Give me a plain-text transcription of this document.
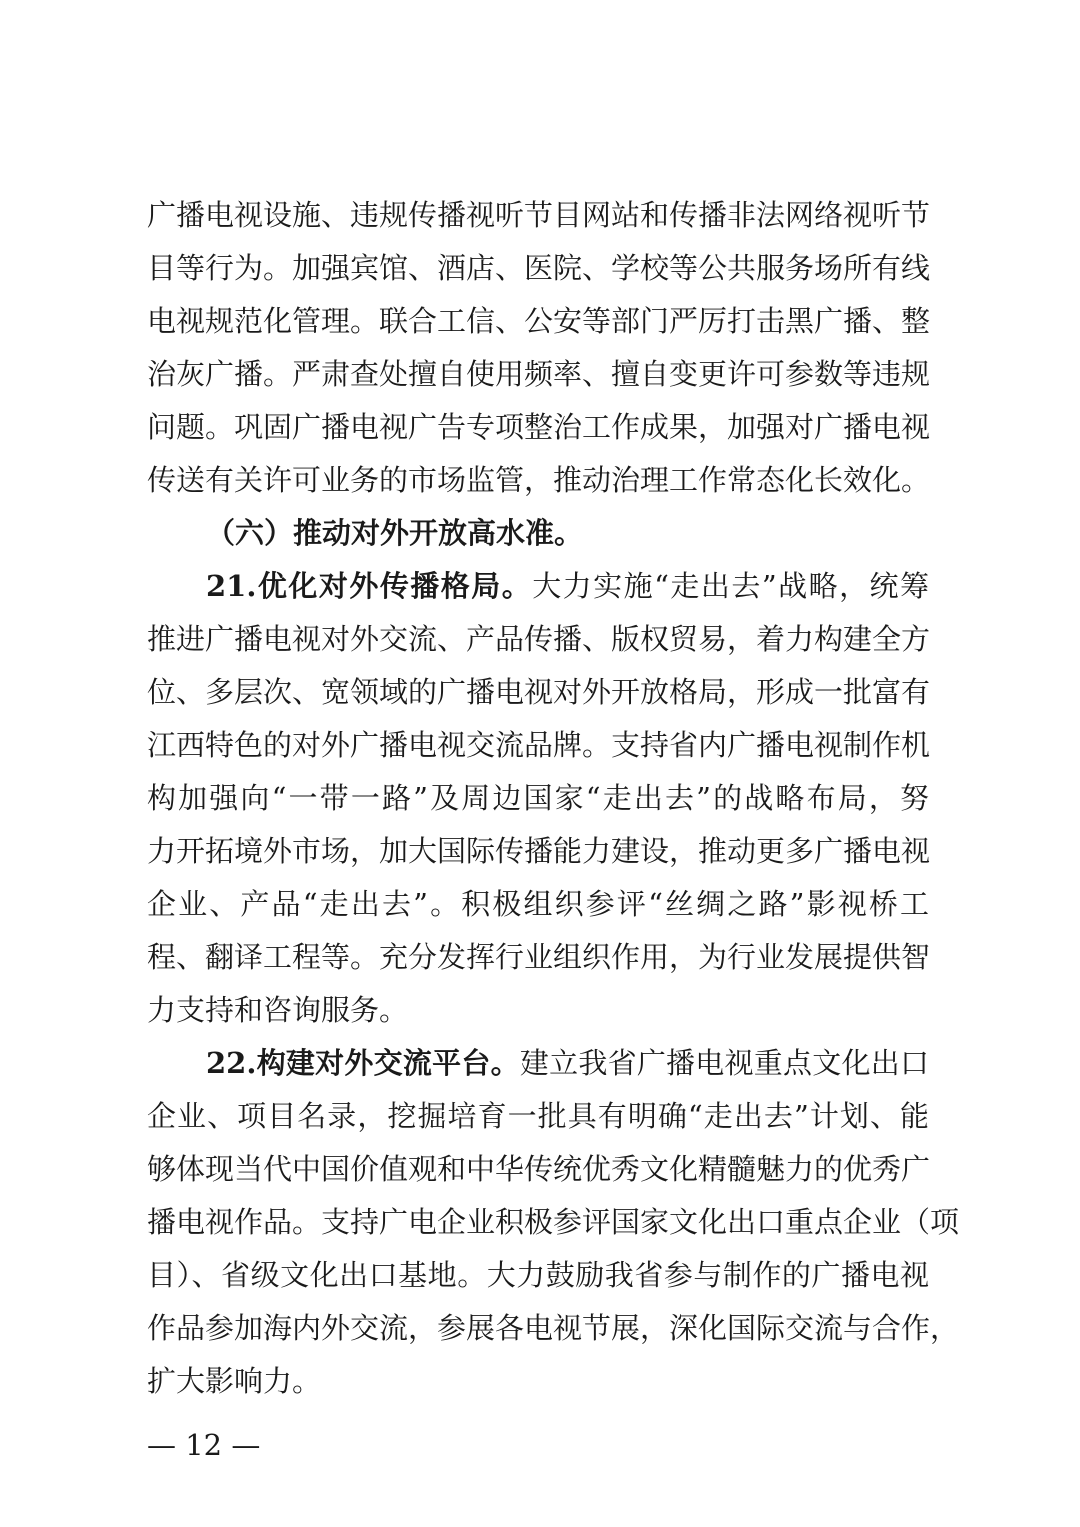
广播电视设施、违规传播视听节目网站和传播非法网络视听节
目等行为。加强宾馆、酒店、医院、学校等公共服务场所有线
电视规范化管理。联合工信、公安等部门严厉打击黑广播、整
治灰广播。严肃查处擅自使用频率、擅自变更许可参数等违规
问题。巩固广播电视广告专项整治工作成果，加强对广播电视
传送有关许可业务的市场监管，推动治理工作常态化长效化。
（六）推动对外开放高水准。
21.优化对外传播格局。大力实施“走出去”战略，统筹
推进广播电视对外交流、产品传播、版权贸易，着力构建全方
位、多层次、宽领域的广播电视对外开放格局，形成一批富有
江西特色的对外广播电视交流品牌。支持省内广播电视制作机
构加强向“一带一路”及周边国家“走出去”的战略布局，努
力开拓境外市场，加大国际传播能力建设，推动更多广播电视
企业、产品“走出去”。积极组织参评“丝绸之路”影视桥工
程、翻译工程等。充分发挥行业组织作用，为行业发展提供智
力支持和咨询服务。
22.构建对外交流平台。建立我省广播电视重点文化出口
企业、项目名录，挖掘培育一批具有明确“走出去”计划、能
够体现当代中国价值观和中华传统优秀文化精髓魅力的优秀广
播电视作品。支持广电企业积极参评国家文化出口重点企业（项
目）、省级文化出口基地。大力鼓励我省参与制作的广播电视
作品参加海内外交流，参展各电视节展，深化国际交流与合作，
扩大影响力。
— 12 —
